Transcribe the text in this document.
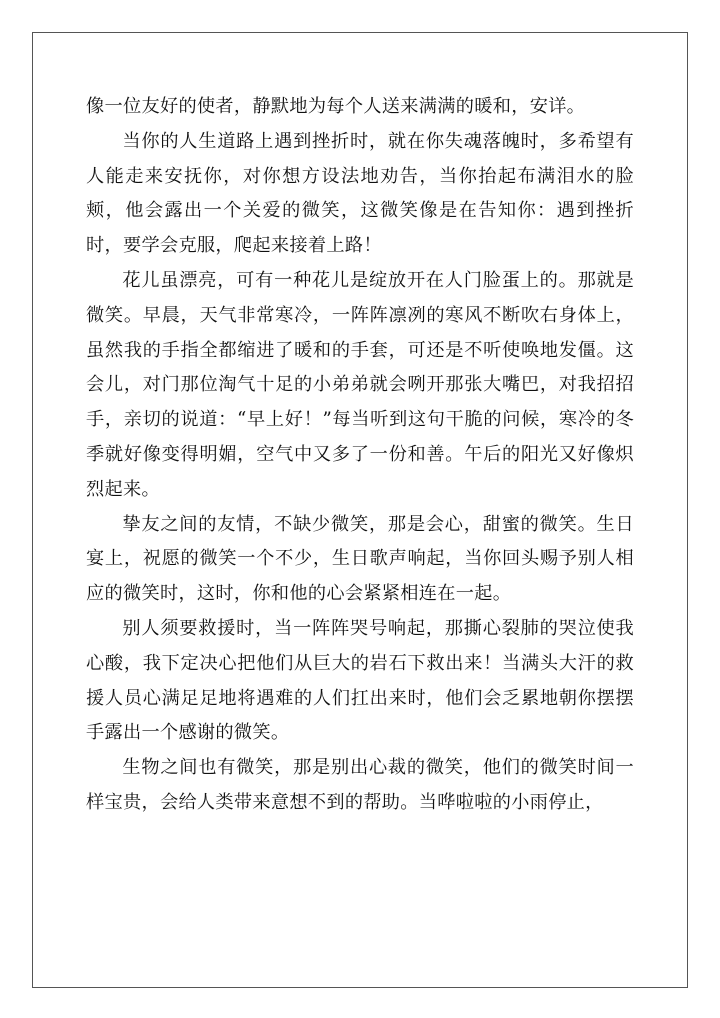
像一位友好的使者，静默地为每个人送来满满的暖和，安详。

当你的人生道路上遇到挫折时，就在你失魂落魄时，多希望有人能走来安抚你，对你想方设法地劝告，当你抬起布满泪水的脸颊，他会露出一个关爱的微笑，这微笑像是在告知你：遇到挫折时，要学会克服，爬起来接着上路！

花儿虽漂亮，可有一种花儿是绽放开在人门脸蛋上的。那就是微笑。早晨，天气非常寒冷，一阵阵凛冽的寒风不断吹右身体上，虽然我的手指全都缩进了暖和的手套，可还是不听使唤地发僵。这会儿，对门那位淘气十足的小弟弟就会咧开那张大嘴巴，对我招招手，亲切的说道：“早上好！”每当听到这句干脆的问候，寒冷的冬季就好像变得明媚，空气中又多了一份和善。午后的阳光又好像炽烈起来。

挚友之间的友情，不缺少微笑，那是会心，甜蜜的微笑。生日宴上，祝愿的微笑一个不少，生日歌声响起，当你回头赐予别人相应的微笑时，这时，你和他的心会紧紧相连在一起。

别人须要救援时，当一阵阵哭号响起，那撕心裂肺的哭泣使我心酸，我下定决心把他们从巨大的岩石下救出来！当满头大汗的救援人员心满足足地将遇难的人们扛出来时，他们会乏累地朝你摆摆手露出一个感谢的微笑。

生物之间也有微笑，那是别出心裁的微笑，他们的微笑时间一样宝贵，会给人类带来意想不到的帮助。当哗啦啦的小雨停止，
